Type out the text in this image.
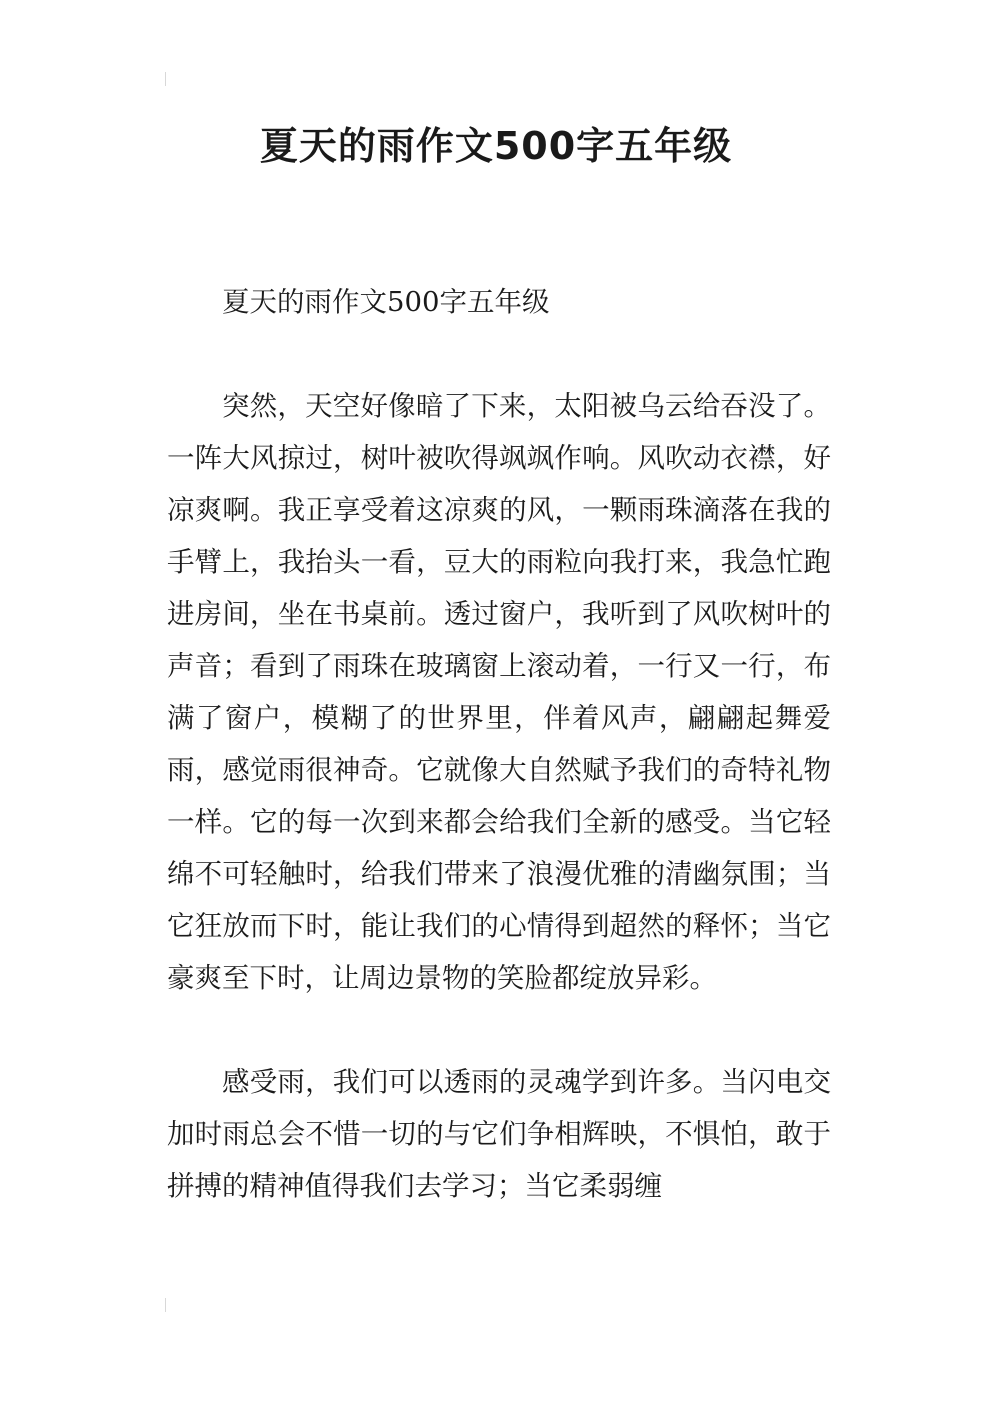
夏天的雨作文500字五年级

夏天的雨作文500字五年级

突然，天空好像暗了下来，太阳被乌云给吞没了。一阵大风掠过，树叶被吹得飒飒作响。风吹动衣襟，好凉爽啊。我正享受着这凉爽的风，一颗雨珠滴落在我的手臂上，我抬头一看，豆大的雨粒向我打来，我急忙跑进房间，坐在书桌前。透过窗户，我听到了风吹树叶的声音；看到了雨珠在玻璃窗上滚动着，一行又一行，布满了窗户，模糊了的世界里，伴着风声，翩翩起舞爱雨，感觉雨很神奇。它就像大自然赋予我们的奇特礼物一样。它的每一次到来都会给我们全新的感受。当它轻绵不可轻触时，给我们带来了浪漫优雅的清幽氛围；当它狂放而下时，能让我们的心情得到超然的释怀；当它豪爽至下时，让周边景物的笑脸都绽放异彩。

感受雨，我们可以透雨的灵魂学到许多。当闪电交加时雨总会不惜一切的与它们争相辉映，不惧怕，敢于拼搏的精神值得我们去学习；当它柔弱缠
